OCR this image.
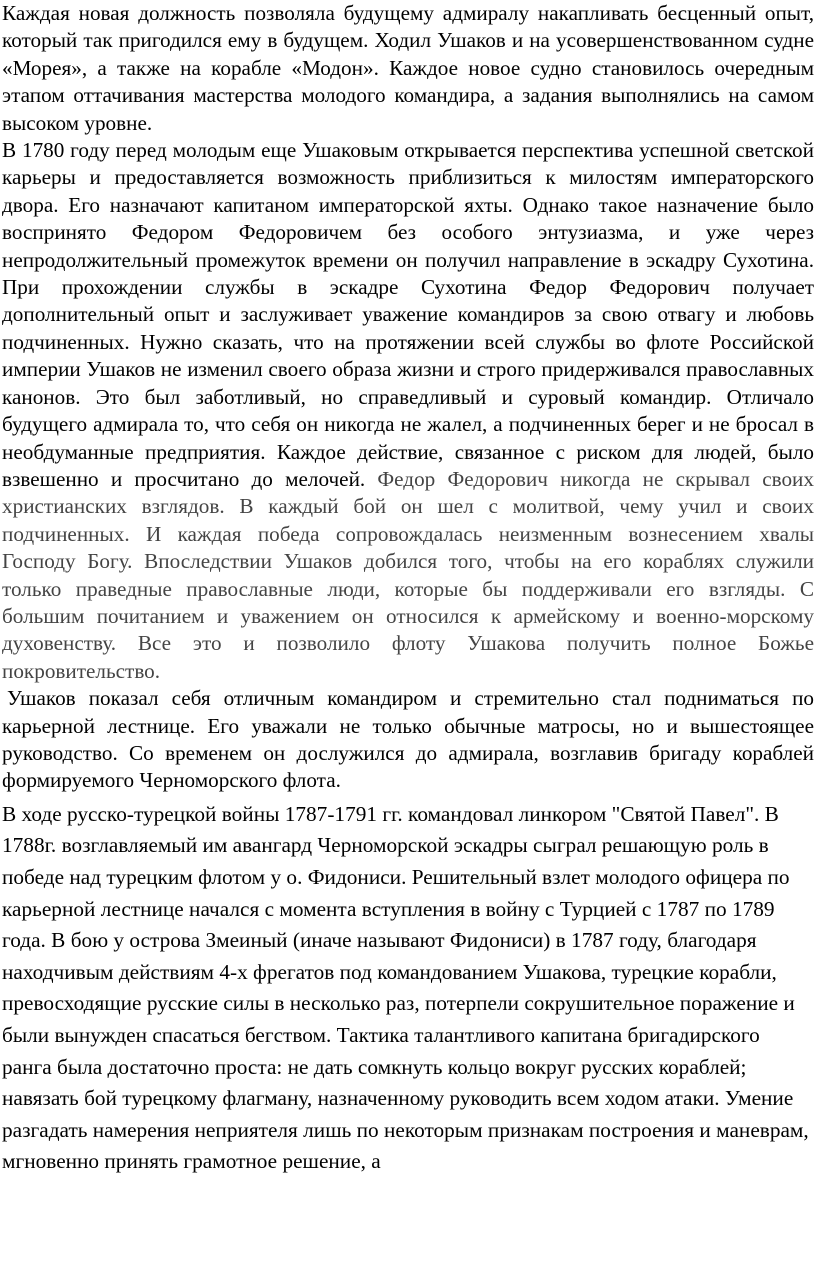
Каждая новая должность позволяла будущему адмиралу накапливать бесценный опыт, который так пригодился ему в будущем. Ходил Ушаков и на усовершенствованном судне «Морея», а также на корабле «Модон». Каждое новое судно становилось очередным этапом оттачивания мастерства молодого командира, а задания выполнялись на самом высоком уровне.

В 1780 году перед молодым еще Ушаковым открывается перспектива успешной светской карьеры и предоставляется возможность приблизиться к милостям императорского двора. Его назначают капитаном императорской яхты. Однако такое назначение было воспринято Федором Федоровичем без особого энтузиазма, и уже через непродолжительный промежуток времени он получил направление в эскадру Сухотина. При прохождении службы в эскадре Сухотина Федор Федорович получает дополнительный опыт и заслуживает уважение командиров за свою отвагу и любовь подчиненных. Нужно сказать, что на протяжении всей службы во флоте Российской империи Ушаков не изменил своего образа жизни и строго придерживался православных канонов. Это был заботливый, но справедливый и суровый командир. Отличало будущего адмирала то, что себя он никогда не жалел, а подчиненных берег и не бросал в необдуманные предприятия. Каждое действие, связанное с риском для людей, было взвешенно и просчитано до мелочей. Федор Федорович никогда не скрывал своих христианских взглядов. В каждый бой он шел с молитвой, чему учил и своих подчиненных. И каждая победа сопровождалась неизменным вознесением хвалы Господу Богу. Впоследствии Ушаков добился того, чтобы на его кораблях служили только праведные православные люди, которые бы поддерживали его взгляды. С большим почитанием и уважением он относился к армейскому и военно-морскому духовенству. Все это и позволило флоту Ушакова получить полное Божье покровительство.

Ушаков показал себя отличным командиром и стремительно стал подниматься по карьерной лестнице. Его уважали не только обычные матросы, но и вышестоящее руководство. Со временем он дослужился до адмирала, возглавив бригаду кораблей формируемого Черноморского флота.

В ходе русско-турецкой войны 1787-1791 гг. командовал линкором "Святой Павел". В 1788г. возглавляемый им авангард Черноморской эскадры сыграл решающую роль в победе над турецким флотом у о. Фидониси. Решительный взлет молодого офицера по карьерной лестнице начался с момента вступления в войну с Турцией с 1787 по 1789 года. В бою у острова Змеиный (иначе называют Фидониси) в 1787 году, благодаря находчивым действиям 4-х фрегатов под командованием Ушакова, турецкие корабли, превосходящие русские силы в несколько раз, потерпели сокрушительное поражение и были вынужден спасаться бегством. Тактика талантливого капитана бригадирского ранга была достаточно проста: не дать сомкнуть кольцо вокруг русских кораблей; навязать бой турецкому флагману, назначенному руководить всем ходом атаки. Умение разгадать намерения неприятеля лишь по некоторым признакам построения и маневрам, мгновенно принять грамотное решение, а
